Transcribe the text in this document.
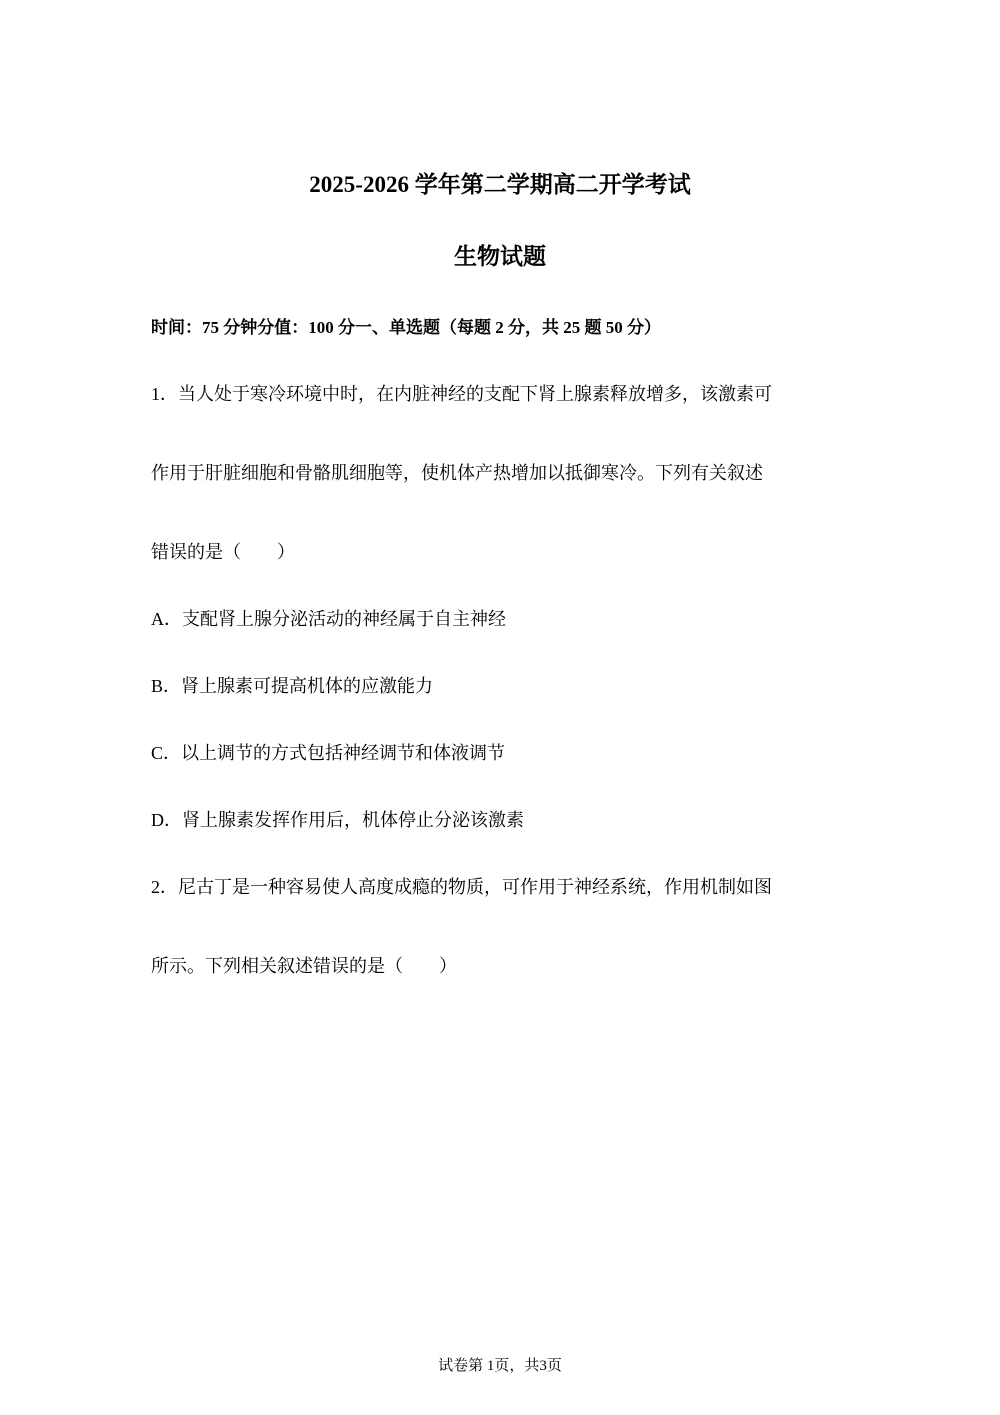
2025-2026 学年第二学期高二开学考试

生物试题

时间：75 分钟分值：100 分一、单选题（每题 2 分，共 25 题 50 分）

1．当人处于寒冷环境中时，在内脏神经的支配下肾上腺素释放增多，该激素可

作用于肝脏细胞和骨骼肌细胞等，使机体产热增加以抵御寒冷。下列有关叙述

错误的是（　　）

A．支配肾上腺分泌活动的神经属于自主神经

B．肾上腺素可提高机体的应激能力

C．以上调节的方式包括神经调节和体液调节

D．肾上腺素发挥作用后，机体停止分泌该激素

2．尼古丁是一种容易使人高度成瘾的物质，可作用于神经系统，作用机制如图

所示。下列相关叙述错误的是（　　）

试卷第 1页，共3页
